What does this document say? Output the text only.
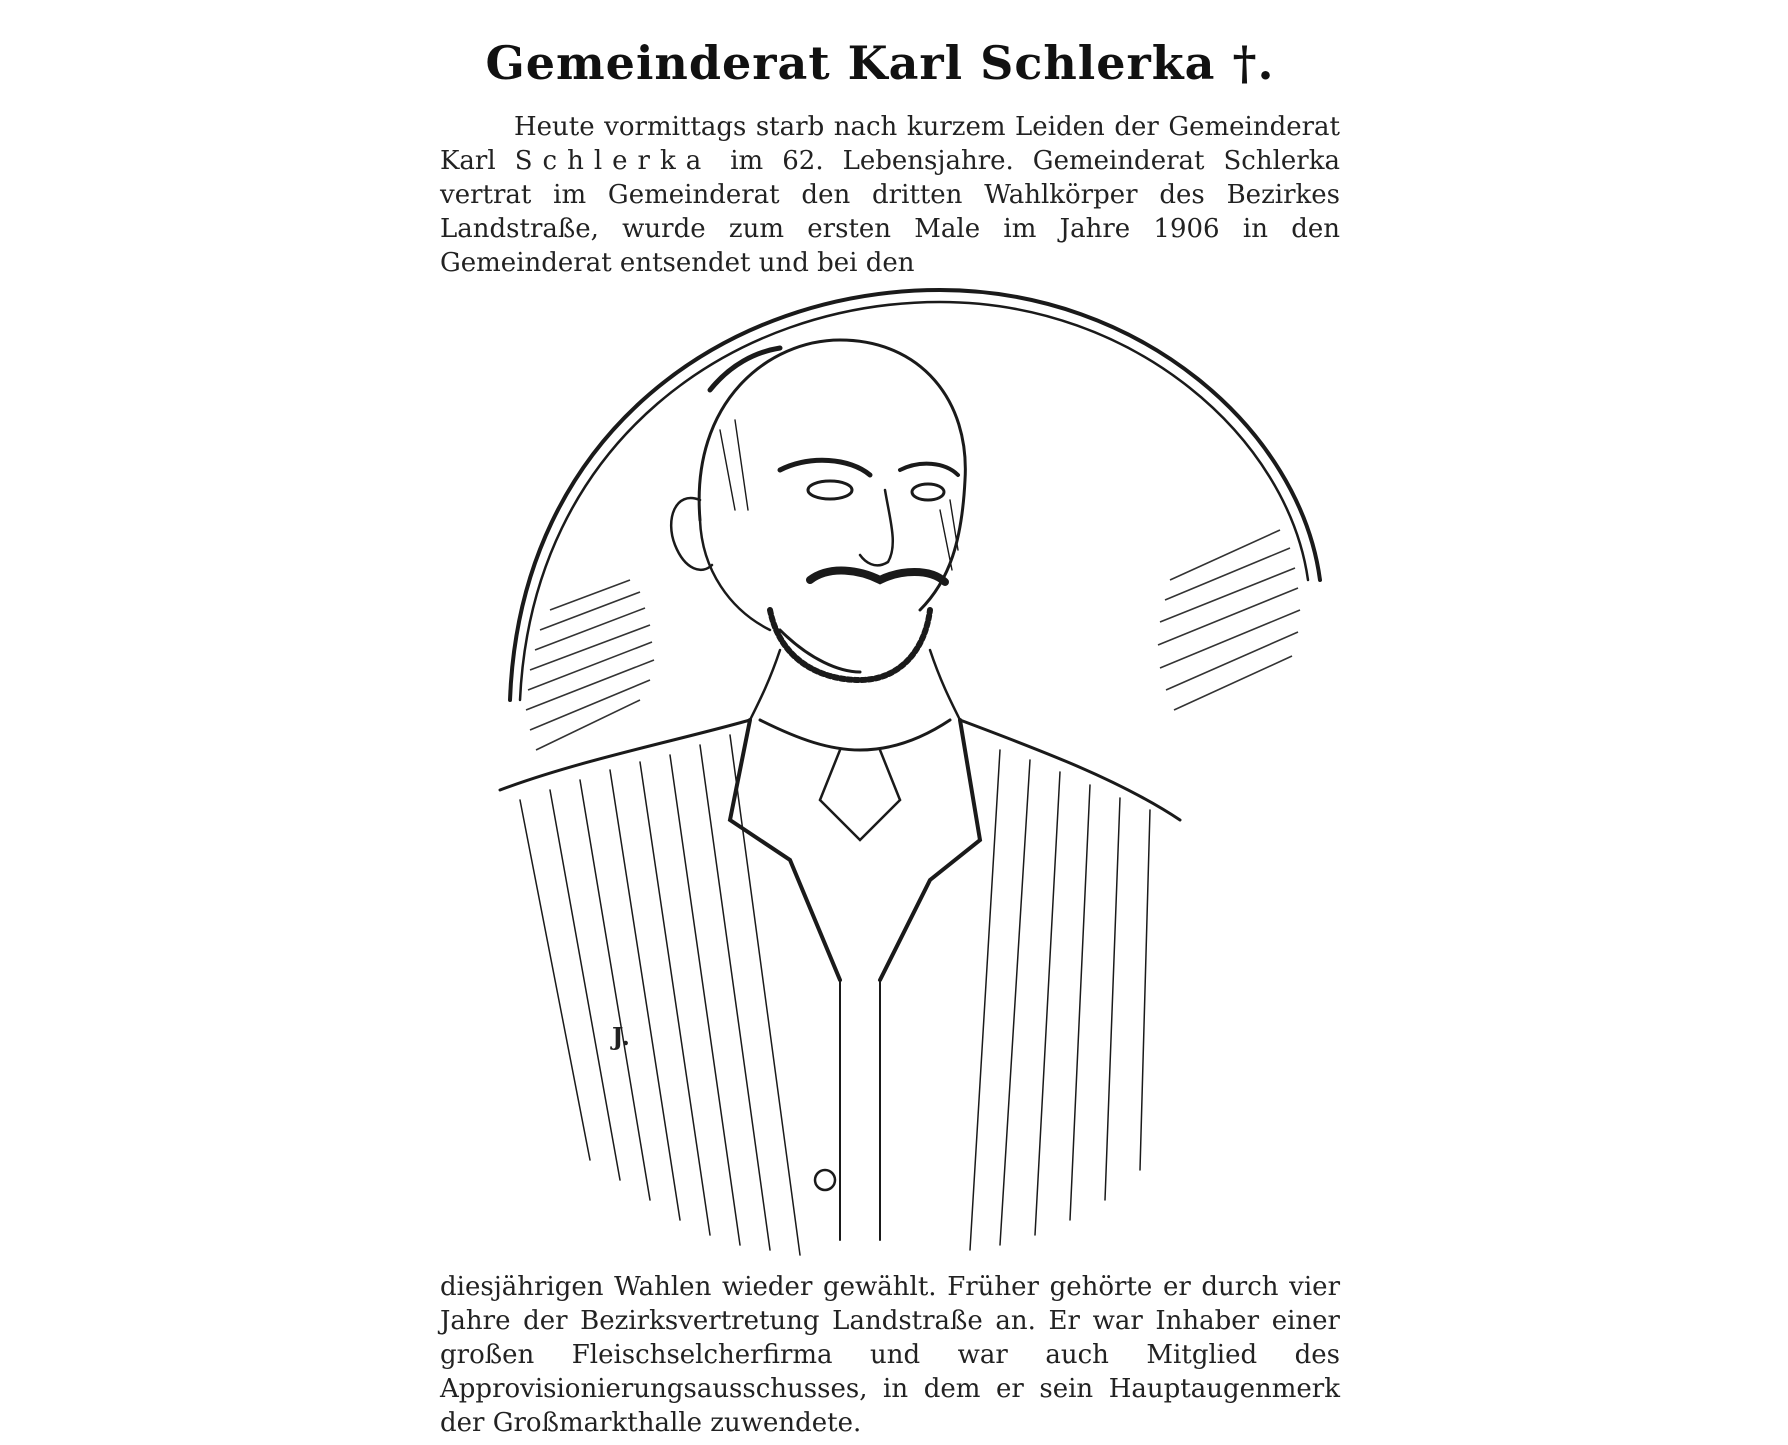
Gemeinderat Karl Schlerka †.

Heute vormittags starb nach kurzem Leiden der Gemeinderat Karl Schlerka im 62. Lebensjahre. Gemeinderat Schlerka vertrat im Gemeinderat den dritten Wahlkörper des Bezirkes Landstraße, wurde zum ersten Male im Jahre 1906 in den Gemeinderat entsendet und bei den

J.

diesjährigen Wahlen wieder gewählt. Früher gehörte er durch vier Jahre der Bezirksvertretung Landstraße an. Er war Inhaber einer großen Fleischselcherfirma und war auch Mitglied des Approvisionierungsausschusses, in dem er sein Hauptaugenmerk der Großmarkthalle zuwendete.
